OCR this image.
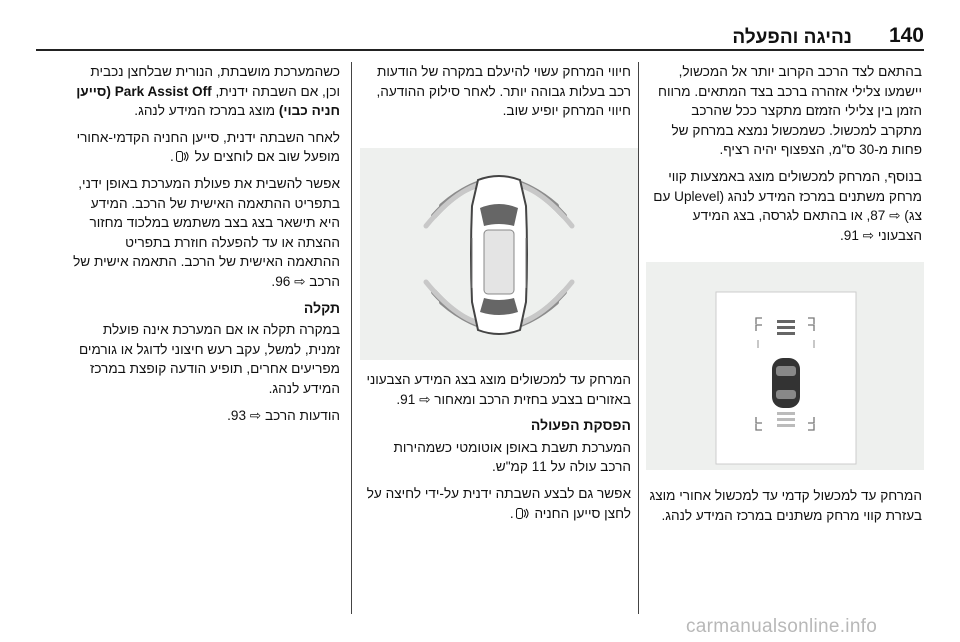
140
נהיגה והפעלה

בהתאם לצד הרכב הקרוב יותר אל המכשול, יישמעו צלילי אזהרה ברכב בצד המתאים. מרווח הזמן בין צלילי הזמזם מתקצר ככל שהרכב מתקרב למכשול. כשמכשול נמצא במרחק של פחות מ-30 ס"מ, הצפצוף יהיה רציף.

בנוסף, המרחק למכשולים מוצג באמצעות קווי מרחק משתנים במרכז המידע לנהג (Uplevel עם צג) ⇨ 87, או בהתאם לגרסה, בצג המידע הצבעוני ⇨ 91.

המרחק עד למכשול קדמי עד למכשול אחורי מוצג בעזרת קווי מרחק משתנים במרכז המידע לנהג.

חיווי המרחק עשוי להיעלם במקרה של הודעות רכב בעלות גבוהה יותר. לאחר סילוק ההודעה, חיווי המרחק יופיע שוב.

המרחק עד למכשולים מוצג בצג המידע הצבעוני באזורים בצבע בחזית הרכב ומאחור ⇨ 91.

הפסקת הפעולה

המערכת תשבת באופן אוטומטי כשמהירות הרכב עולה על 11 קמ"ש.

אפשר גם לבצע השבתה ידנית על-ידי לחיצה על לחצן סייען החניה .

כשהמערכת מושבתת, הנורית שבלחצן נכבית וכן, אם השבתה ידנית, Park Assist Off (סייען חניה כבוי) מוצג במרכז המידע לנהג.

לאחר השבתה ידנית, סייען החניה הקדמי-אחורי מופעל שוב אם לוחצים על .

אפשר להשבית את פעולת המערכת באופן ידני, בתפריט ההתאמה האישית של הרכב. המידע היא תישאר בצג בצב משתמש במלכוד מחזור ההצתה או עד להפעלה חוזרת בתפריט ההתאמה האישית של הרכב. התאמה אישית של הרכב ⇨ 96.

תקלה

במקרה תקלה או אם המערכת אינה פועלת זמנית, למשל, עקב רעש חיצוני לדוגל או גורמים מפריעים אחרים, תופיע הודעה קופצת במרכז המידע לנהג.

הודעות הרכב ⇨ 93.

carmanualsonline.info
